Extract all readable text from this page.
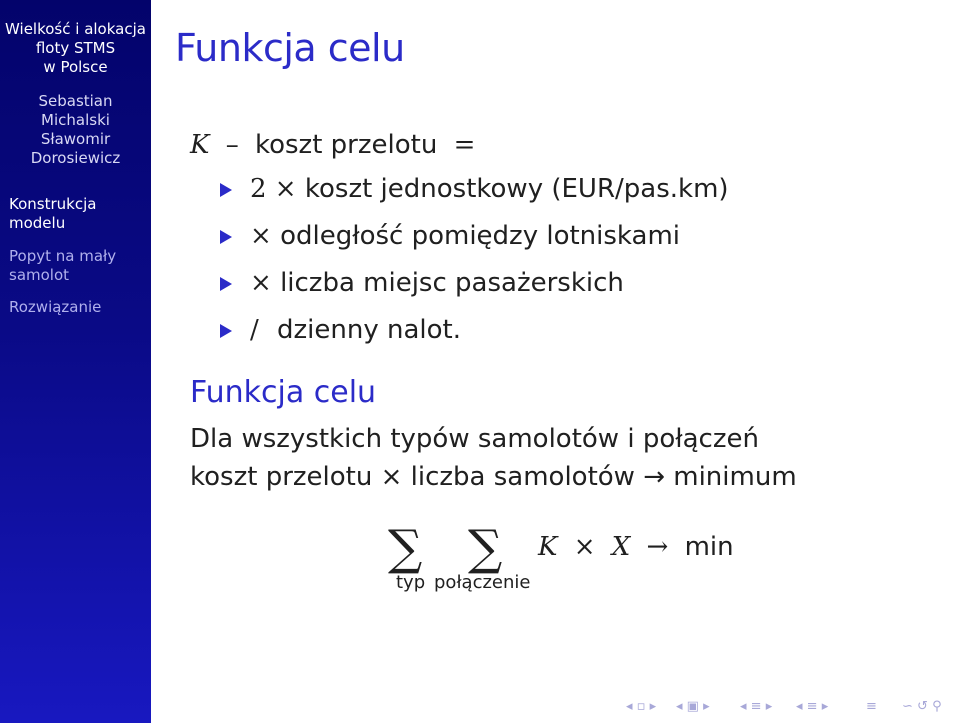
Wielkość i alokacja
floty STMS
w Polsce
Sebastian
Michalski
Sławomir
Dorosiewicz
Konstrukcja
modelu
Popyt na mały
samolot
Rozwiązanie
Funkcja celu
K – koszt przelotu =
2 × koszt jednostkowy (EUR/pas.km)
× odległość pomiędzy lotniskami
× liczba miejsc pasażerskich
/ dzienny nalot.
Funkcja celu
Dla wszystkich typów samolotów i połączeń
koszt przelotu × liczba samolotów → minimum
∑ ∑
typ połączenie
K × X → min
◂ ▫ ▸ ◂ ▣ ▸ ◂ ≡ ▸ ◂ ≡ ▸	≡ ∽ ↺ ⚲
